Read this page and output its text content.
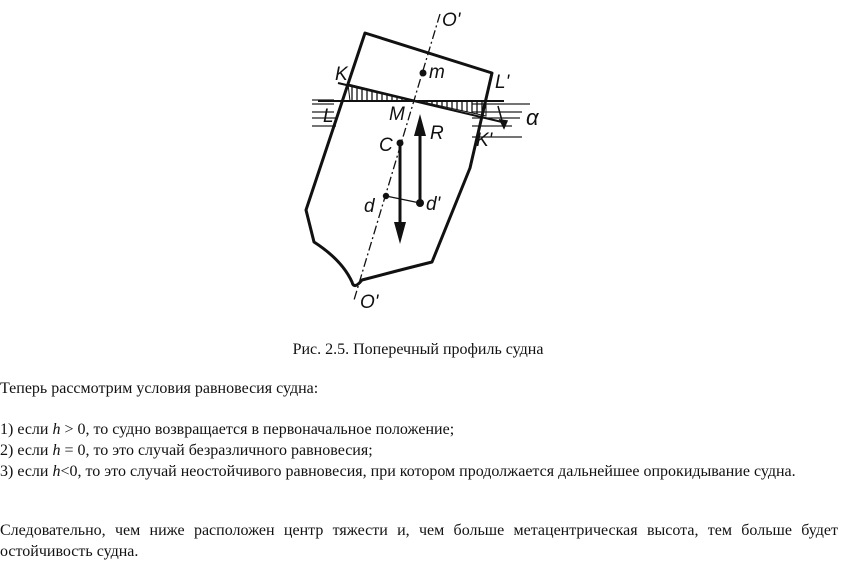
O'
K	m	L'
L	M	α
C
R K'
d	d'
O'
Рис. 2.5. Поперечный профиль судна
Теперь рассмотрим условия равновесия судна:
1) если h > 0, то судно возвращается в первоначальное положение;
2) если h = 0, то это случай безразличного равновесия;
3) если h<0, то это случай неостойчивого равновесия, при котором продолжается дальнейшее опрокидывание судна.
Следовательно, чем ниже расположен центр тяжести и, чем больше метацентрическая высота, тем больше будет остойчивость судна.
